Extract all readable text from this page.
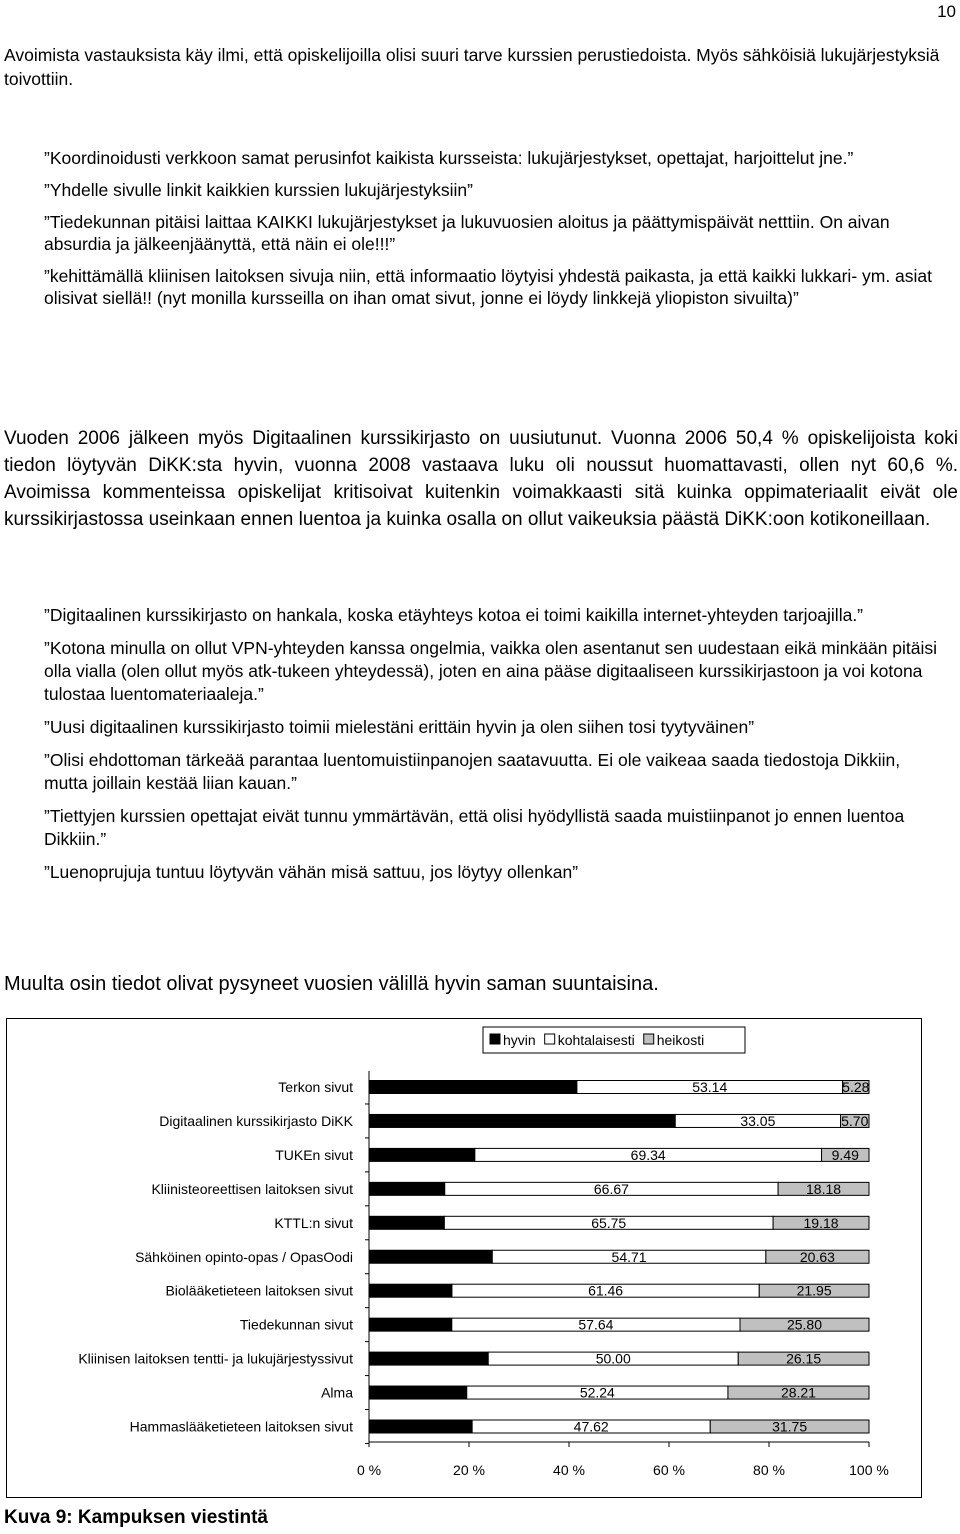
10
Avoimista vastauksista käy ilmi, että opiskelijoilla olisi suuri tarve kurssien perustiedoista. Myös sähköisiä lukujärjestyksiä toivottiin.

”Koordinoidusti verkkoon samat perusinfot kaikista kursseista: lukujärjestykset, opettajat, harjoittelut jne.”

”Yhdelle sivulle linkit kaikkien kurssien lukujärjestyksiin”

”Tiedekunnan pitäisi laittaa KAIKKI lukujärjestykset ja lukuvuosien aloitus ja päättymispäivät netttiin. On aivan absurdia ja jälkeenjäänyttä, että näin ei ole!!!”

”kehittämällä kliinisen laitoksen sivuja niin, että informaatio löytyisi yhdestä paikasta, ja että kaikki lukkari- ym. asiat olisivat siellä!! (nyt monilla kursseilla on ihan omat sivut, jonne ei löydy linkkejä yliopiston sivuilta)”

Vuoden 2006 jälkeen myös Digitaalinen kurssikirjasto on uusiutunut. Vuonna 2006 50,4 % opiskelijoista koki tiedon löytyvän DiKK:sta hyvin, vuonna 2008 vastaava luku oli noussut huomattavasti, ollen nyt 60,6 %. Avoimissa kommenteissa opiskelijat kritisoivat kuitenkin voimakkaasti sitä kuinka oppimateriaalit eivät ole kurssikirjastossa useinkaan ennen luentoa ja kuinka osalla on ollut vaikeuksia päästä DiKK:oon kotikoneillaan.

”Digitaalinen kurssikirjasto on hankala, koska etäyhteys kotoa ei toimi kaikilla internet-yhteyden tarjoajilla.”

”Kotona minulla on ollut VPN-yhteyden kanssa ongelmia, vaikka olen asentanut sen uudestaan eikä minkään pitäisi olla vialla (olen ollut myös atk-tukeen yhteydessä), joten en aina pääse digitaaliseen kurssikirjastoon ja voi kotona tulostaa luentomateriaaleja.”

”Uusi digitaalinen kurssikirjasto toimii mielestäni erittäin hyvin ja olen siihen tosi tyytyväinen”

”Olisi ehdottoman tärkeää parantaa luentomuistiinpanojen saatavuutta. Ei ole vaikeaa saada tiedostoja Dikkiin, mutta joillain kestää liian kauan.”

”Tiettyjen kurssien opettajat eivät tunnu ymmärtävän, että olisi hyödyllistä saada muistiinpanot jo ennen luentoa Dikkiin.”

”Luenoprujuja tuntuu löytyvän vähän misä sattuu, jos löytyy ollenkan”

Muulta osin tiedot olivat pysyneet vuosien välillä hyvin saman suuntaisina.
Terkon sivut	41.58	53.14	5.28
Digitaalinen kurssikirjasto DiKK	61.25	33.05	5.70
TUKEn sivut	21.17	69.34	9.49
Kliinisteoreettisen laitoksen sivut	15.15	66.67	18.18
KTTL:n sivut	15.07	65.75	19.18
Sähköinen opinto-opas / OpasOodi	24.66	54.71	20.63
Biolääketieteen laitoksen sivut	16.59	61.46	21.95
Tiedekunnan sivut	16.56	57.64	25.80
Kliinisen laitoksen tentti- ja lukujärjestyssivut	23.85	50.00	26.15
Alma	19.55	52.24	28.21
Hammaslääketieteen laitoksen sivut	20.63	47.62	31.75
0 %	20 %	40 %	60 %	80 %	100 %
hyvin kohtalaisesti heikosti
Kuva 9: Kampuksen viestintä
